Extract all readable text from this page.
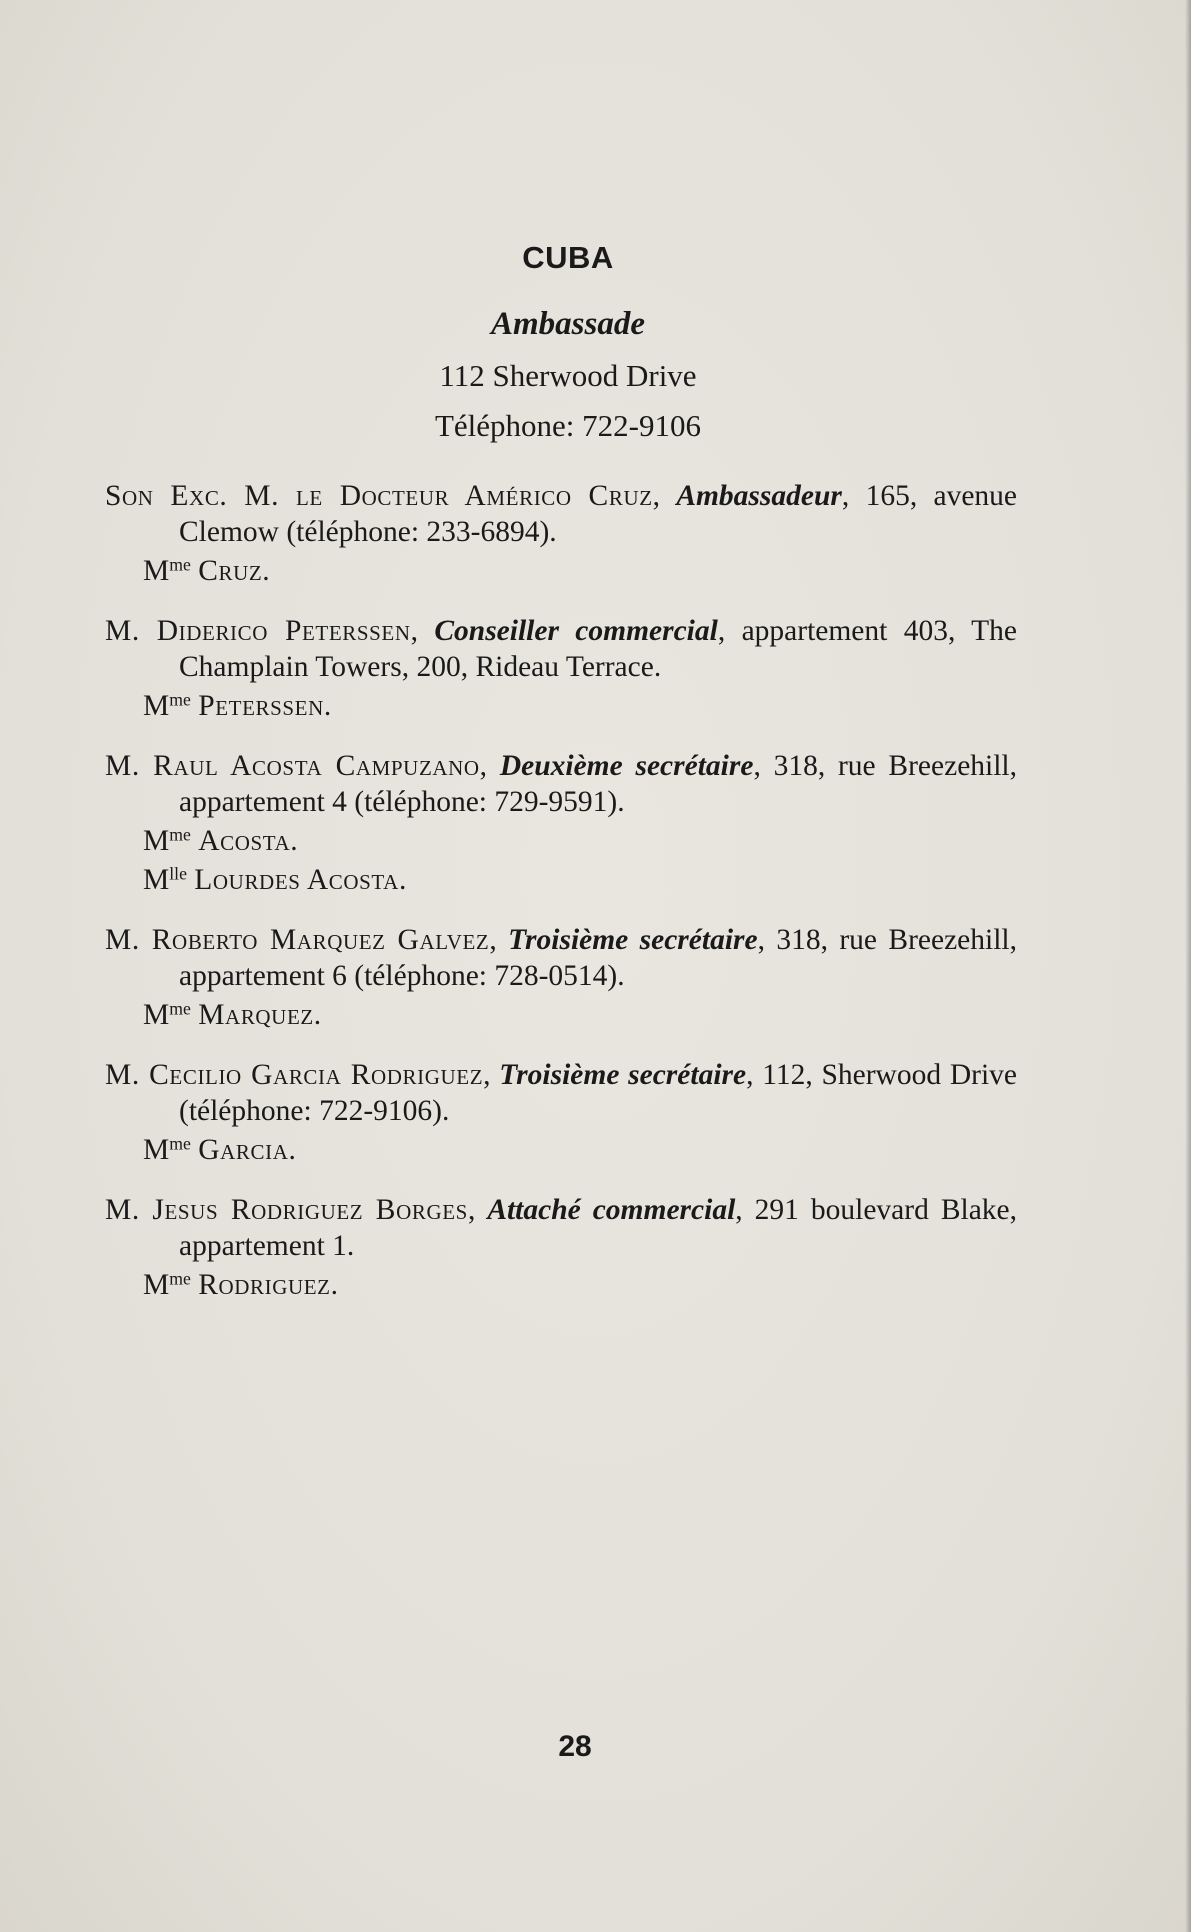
CUBA
Ambassade
112 Sherwood Drive
Téléphone: 722-9106
Son Exc. M. le Docteur Américo Cruz, Ambassadeur, 165, avenue Clemow (téléphone: 233-6894).
$M^{me}$ Cruz.
M. Diderico Peterssen, Conseiller commercial, appartement 403, The Champlain Towers, 200, Rideau Terrace.
$M^{me}$ Peterssen.
M. Raul Acosta Campuzano, Deuxième secrétaire, 318, rue Breezehill, appartement 4 (téléphone: 729-9591).
$M^{me}$ Acosta.
$M^{lle}$ Lourdes Acosta.
M. Roberto Marquez Galvez, Troisième secrétaire, 318, rue Breezehill, appartement 6 (téléphone: 728-0514).
$M^{me}$ Marquez.
M. Cecilio Garcia Rodriguez, Troisième secrétaire, 112, Sherwood Drive (téléphone: 722-9106).
$M^{me}$ Garcia.
M. Jesus Rodriguez Borges, Attaché commercial, 291 boulevard Blake, appartement 1.
$M^{me}$ Rodriguez.
28
